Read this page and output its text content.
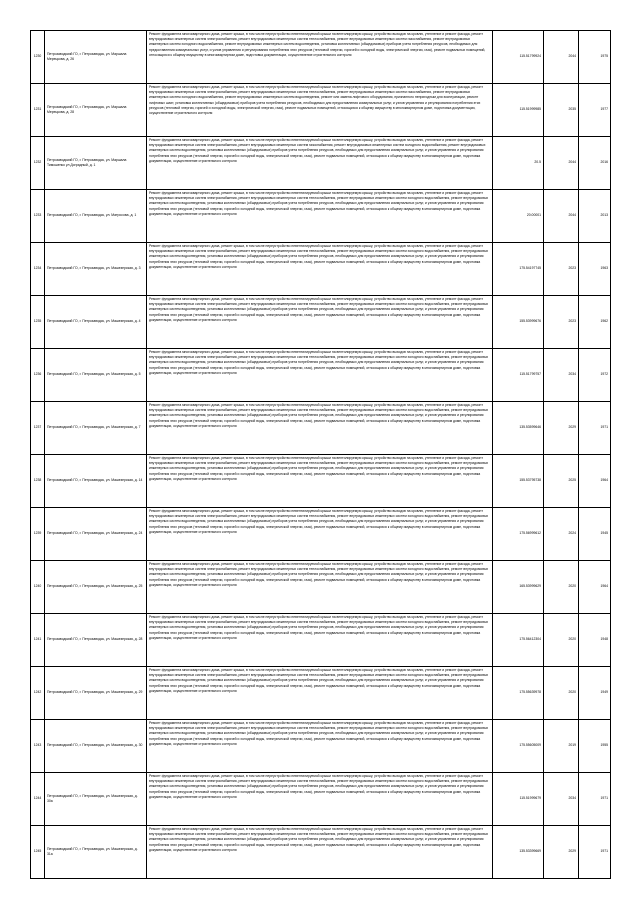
1230	Петрозаводский ГО, г. Петрозаводск, ул. Маршала Мерецкова, д. 26	Ремонт фундамента многоквартирного дома, ремонт крыши, в том числе переустройство невентилируемой крыши на вентилируемую крышу, устройство выходов на кровлю, утепление и ремонт фасада, ремонт внутридомовых инженерных систем электроснабжения, ремонт внутридомовых инженерных систем теплоснабжения, ремонт внутридомовых инженерных систем газоснабжения, ремонт внутридомовых инженерных систем холодного водоснабжения, ремонт внутридомовых инженерных систем водоотведения, установка коллективных (общедомовых) приборов учета потребления ресурсов, необходимых для предоставления коммунальных услуг, и узлов управления и регулирования потребления этих ресурсов (тепловой энергии, горячей и холодной воды, электрической энергии, газа), ремонт подвальных помещений, относящихся к общему имуществу в многоквартирном доме, подготовка документации, осуществление строительного контроля	115.51799924	2044	1975
1231	Петрозаводский ГО, г. Петрозаводск, ул. Маршала Мерецкова, д. 28	Ремонт фундамента многоквартирного дома, ремонт крыши, в том числе переустройство невентилируемой крыши на вентилируемую крышу, устройство выходов на кровлю, утепление и ремонт фасада, ремонт внутридомовых инженерных систем электроснабжения, ремонт внутридомовых инженерных систем теплоснабжения, ремонт внутридомовых инженерных систем газоснабжения, ремонт внутридомовых инженерных систем холодного водоснабжения, ремонт внутридомовых инженерных систем водоотведения, ремонт или замена лифтового оборудования, признанного непригодным для эксплуатации, ремонт лифтовых шахт, установка коллективных (общедомовых) приборов учета потребления ресурсов, необходимых для предоставления коммунальных услуг, и узлов управления и регулирования потребления этих ресурсов (тепловой энергии, горячей и холодной воды, электрической энергии, газа), ремонт подвальных помещений, относящихся к общему имуществу в многоквартирном доме, подготовка документации, осуществление строительного контроля	115.51999985	2035	1977
1232	Петрозаводский ГО, г. Петрозаводск, ул. Маршала Тимошенко ул Доградный, д. 1	Ремонт фундамента многоквартирного дома, ремонт крыши, в том числе переустройство невентилируемой крыши на вентилируемую крышу, устройство выходов на кровлю, утепление и ремонт фасада, ремонт внутридомовых инженерных систем электроснабжения, ремонт внутридомовых инженерных систем газоснабжения, ремонт внутридомовых инженерных систем холодного водоснабжения, ремонт внутридомовых инженерных систем водоотведения, установка коллективных (общедомовых) приборов учета потребления ресурсов, необходимых для предоставления коммунальных услуг, и узлов управления и регулирования потребления этих ресурсов (тепловой энергии, горячей и холодной воды, электрической энергии, газа), ремонт подвальных помещений, относящихся к общему имуществу в многоквартирном доме, подготовка документации, осуществление строительного контроля	20.5	2044	2016
1233	Петрозаводский ГО, г. Петрозаводск, ул. Матросова, д. 1	Ремонт фундамента многоквартирного дома, ремонт крыши, в том числе переустройство невентилируемой крыши на вентилируемую крышу, устройство выходов на кровлю, утепление и ремонт фасада, ремонт внутридомовых инженерных систем электроснабжения, ремонт внутридомовых инженерных систем теплоснабжения, ремонт внутридомовых инженерных систем холодного водоснабжения, ремонт внутридомовых инженерных систем водоотведения, установка коллективных (общедомовых) приборов учета потребления ресурсов, необходимых для предоставления коммунальных услуг, и узлов управления и регулирования потребления этих ресурсов (тепловой энергии, горячей и холодной воды, электрической энергии, газа), ремонт подвальных помещений, относящихся к общему имуществу в многоквартирном доме, подготовка документации, осуществление строительного контроля	20.00001	2044	2013
1234	Петрозаводский ГО, г. Петрозаводск, ул. Машезерская, д. 3	Ремонт фундамента многоквартирного дома, ремонт крыши, в том числе переустройство невентилируемой крыши на вентилируемую крышу, устройство выходов на кровлю, утепление и ремонт фасада, ремонт внутридомовых инженерных систем электроснабжения, ремонт внутридомовых инженерных систем теплоснабжения, ремонт внутридомовых инженерных систем холодного водоснабжения, ремонт внутридомовых инженерных систем водоотведения, установка коллективных (общедомовых) приборов учета потребления ресурсов, необходимых для предоставления коммунальных услуг, и узлов управления и регулирования потребления этих ресурсов (тепловой энергии, горячей и холодной воды, электрической энергии, газа), ремонт подвальных помещений, относящихся к общему имуществу в многоквартирном доме, подготовка документации, осуществление строительного контроля	175.54197745	2023	1963
1235	Петрозаводский ГО, г. Петрозаводск, ул. Машезерская, д. 4	Ремонт фундамента многоквартирного дома, ремонт крыши, в том числе переустройство невентилируемой крыши на вентилируемую крышу, устройство выходов на кровлю, утепление и ремонт фасада, ремонт внутридомовых инженерных систем электроснабжения, ремонт внутридомовых инженерных систем теплоснабжения, ремонт внутридомовых инженерных систем холодного водоснабжения, ремонт внутридомовых инженерных систем водоотведения, установка коллективных (общедомовых) приборов учета потребления ресурсов, необходимых для предоставления коммунальных услуг, и узлов управления и регулирования потребления этих ресурсов (тепловой энергии, горячей и холодной воды, электрической энергии, газа), ремонт подвальных помещений, относящихся к общему имуществу в многоквартирном доме, подготовка документации, осуществление строительного контроля	155.53999676	2023	1962
1236	Петрозаводский ГО, г. Петрозаводск, ул. Машезерская, д. 5	Ремонт фундамента многоквартирного дома, ремонт крыши, в том числе переустройство невентилируемой крыши на вентилируемую крышу, устройство выходов на кровлю, утепление и ремонт фасада, ремонт внутридомовых инженерных систем электроснабжения, ремонт внутридомовых инженерных систем теплоснабжения, ремонт внутридомовых инженерных систем холодного водоснабжения, ремонт внутридомовых инженерных систем водоотведения, установка коллективных (общедомовых) приборов учета потребления ресурсов, необходимых для предоставления коммунальных услуг, и узлов управления и регулирования потребления этих ресурсов (тепловой энергии, горячей и холодной воды, электрической энергии, газа), ремонт подвальных помещений, относящихся к общему имуществу в многоквартирном доме, подготовка документации, осуществление строительного контроля	115.51799757	2034	1972
1237	Петрозаводский ГО, г. Петрозаводск, ул. Машезерская, д. 7	Ремонт фундамента многоквартирного дома, ремонт крыши, в том числе переустройство невентилируемой крыши на вентилируемую крышу, устройство выходов на кровлю, утепление и ремонт фасада, ремонт внутридомовых инженерных систем электроснабжения, ремонт внутридомовых инженерных систем теплоснабжения, ремонт внутридомовых инженерных систем холодного водоснабжения, ремонт внутридомовых инженерных систем водоотведения, установка коллективных (общедомовых) приборов учета потребления ресурсов, необходимых для предоставления коммунальных услуг, и узлов управления и регулирования потребления этих ресурсов (тепловой энергии, горячей и холодной воды, электрической энергии, газа), ремонт подвальных помещений, относящихся к общему имуществу в многоквартирном доме, подготовка документации, осуществление строительного контроля	135.53599646	2029	1971
1238	Петрозаводский ГО, г. Петрозаводск, ул. Машезерская, д. 14	Ремонт фундамента многоквартирного дома, ремонт крыши, в том числе переустройство невентилируемой крыши на вентилируемую крышу, устройство выходов на кровлю, утепление и ремонт фасада, ремонт внутридомовых инженерных систем электроснабжения, ремонт внутридомовых инженерных систем теплоснабжения, ремонт внутридомовых инженерных систем холодного водоснабжения, ремонт внутридомовых инженерных систем водоотведения, установка коллективных (общедомовых) приборов учета потребления ресурсов, необходимых для предоставления коммунальных услуг, и узлов управления и регулирования потребления этих ресурсов (тепловой энергии, горячей и холодной воды, электрической энергии, газа), ремонт подвальных помещений, относящихся к общему имуществу в многоквартирном доме, подготовка документации, осуществление строительного контроля	155.53795738	2025	1964
1239	Петрозаводский ГО, г. Петрозаводск, ул. Машезерская, д. 24	Ремонт фундамента многоквартирного дома, ремонт крыши, в том числе переустройство невентилируемой крыши на вентилируемую крышу, устройство выходов на кровлю, утепление и ремонт фасада, ремонт внутридомовых инженерных систем электроснабжения, ремонт внутридомовых инженерных систем теплоснабжения, ремонт внутридомовых инженерных систем холодного водоснабжения, ремонт внутридомовых инженерных систем водоотведения, установка коллективных (общедомовых) приборов учета потребления ресурсов, необходимых для предоставления коммунальных услуг, и узлов управления и регулирования потребления этих ресурсов (тепловой энергии, горячей и холодной воды, электрической энергии, газа), ремонт подвальных помещений, относящихся к общему имуществу в многоквартирном доме, подготовка документации, осуществление строительного контроля	175.56999612	2024	1945
1240	Петрозаводский ГО, г. Петрозаводск, ул. Машезерская, д. 25	Ремонт фундамента многоквартирного дома, ремонт крыши, в том числе переустройство невентилируемой крыши на вентилируемую крышу, устройство выходов на кровлю, утепление и ремонт фасада, ремонт внутридомовых инженерных систем электроснабжения, ремонт внутридомовых инженерных систем теплоснабжения, ремонт внутридомовых инженерных систем холодного водоснабжения, ремонт внутридомовых инженерных систем водоотведения, установка коллективных (общедомовых) приборов учета потребления ресурсов, необходимых для предоставления коммунальных услуг, и узлов управления и регулирования потребления этих ресурсов (тепловой энергии, горячей и холодной воды, электрической энергии, газа), ремонт подвальных помещений, относящихся к общему имуществу в многоквартирном доме, подготовка документации, осуществление строительного контроля	165.53999629	2020	1964
1241	Петрозаводский ГО, г. Петрозаводск, ул. Машезерская, д. 28	Ремонт фундамента многоквартирного дома, ремонт крыши, в том числе переустройство невентилируемой крыши на вентилируемую крышу, устройство выходов на кровлю, утепление и ремонт фасада, ремонт внутридомовых инженерных систем электроснабжения, ремонт внутридомовых инженерных систем теплоснабжения, ремонт внутридомовых инженерных систем холодного водоснабжения, ремонт внутридомовых инженерных систем водоотведения, установка коллективных (общедомовых) приборов учета потребления ресурсов, необходимых для предоставления коммунальных услуг, и узлов управления и регулирования потребления этих ресурсов (тепловой энергии, горячей и холодной воды, электрической энергии, газа), ремонт подвальных помещений, относящихся к общему имуществу в многоквартирном доме, подготовка документации, осуществление строительного контроля	175.56412304	2020	1948
1242	Петрозаводский ГО, г. Петрозаводск, ул. Машезерская, д. 29	Ремонт фундамента многоквартирного дома, ремонт крыши, в том числе переустройство невентилируемой крыши на вентилируемую крышу, устройство выходов на кровлю, утепление и ремонт фасада, ремонт внутридомовых инженерных систем электроснабжения, ремонт внутридомовых инженерных систем теплоснабжения, ремонт внутридомовых инженерных систем холодного водоснабжения, ремонт внутридомовых инженерных систем водоотведения, установка коллективных (общедомовых) приборов учета потребления ресурсов, необходимых для предоставления коммунальных услуг, и узлов управления и регулирования потребления этих ресурсов (тепловой энергии, горячей и холодной воды, электрической энергии, газа), ремонт подвальных помещений, относящихся к общему имуществу в многоквартирном доме, подготовка документации, осуществление строительного контроля	175.55639978	2020	1949
1243	Петрозаводский ГО, г. Петрозаводск, ул. Машезерская, д. 30	Ремонт фундамента многоквартирного дома, ремонт крыши, в том числе переустройство невентилируемой крыши на вентилируемую крышу, устройство выходов на кровлю, утепление и ремонт фасада, ремонт внутридомовых инженерных систем электроснабжения, ремонт внутридомовых инженерных систем теплоснабжения, ремонт внутридомовых инженерных систем холодного водоснабжения, ремонт внутридомовых инженерных систем водоотведения, установка коллективных (общедомовых) приборов учета потребления ресурсов, необходимых для предоставления коммунальных услуг, и узлов управления и регулирования потребления этих ресурсов (тепловой энергии, горячей и холодной воды, электрической энергии, газа), ремонт подвальных помещений, относящихся к общему имуществу в многоквартирном доме, подготовка документации, осуществление строительного контроля	175.55605009	2019	1955
1244	Петрозаводский ГО, г. Петрозаводск, ул. Машезерская, д. 30а	Ремонт фундамента многоквартирного дома, ремонт крыши, в том числе переустройство невентилируемой крыши на вентилируемую крышу, устройство выходов на кровлю, утепление и ремонт фасада, ремонт внутридомовых инженерных систем электроснабжения, ремонт внутридомовых инженерных систем теплоснабжения, ремонт внутридомовых инженерных систем холодного водоснабжения, ремонт внутридомовых инженерных систем водоотведения, установка коллективных (общедомовых) приборов учета потребления ресурсов, необходимых для предоставления коммунальных услуг, и узлов управления и регулирования потребления этих ресурсов (тепловой энергии, горячей и холодной воды, электрической энергии, газа), ремонт подвальных помещений, относящихся к общему имуществу в многоквартирном доме, подготовка документации, осуществление строительного контроля	115.51999679	2034	1971
1245	Петрозаводский ГО, г. Петрозаводск, ул. Машезерская, д. 31а	Ремонт фундамента многоквартирного дома, ремонт крыши, в том числе переустройство невентилируемой крыши на вентилируемую крышу, устройство выходов на кровлю, утепление и ремонт фасада, ремонт внутридомовых инженерных систем электроснабжения, ремонт внутридомовых инженерных систем теплоснабжения, ремонт внутридомовых инженерных систем холодного водоснабжения, ремонт внутридомовых инженерных систем водоотведения, установка коллективных (общедомовых) приборов учета потребления ресурсов, необходимых для предоставления коммунальных услуг, и узлов управления и регулирования потребления этих ресурсов (тепловой энергии, горячей и холодной воды, электрической энергии, газа), ремонт подвальных помещений, относящихся к общему имуществу в многоквартирном доме, подготовка документации, осуществление строительного контроля	135.53399669	2029	1971
